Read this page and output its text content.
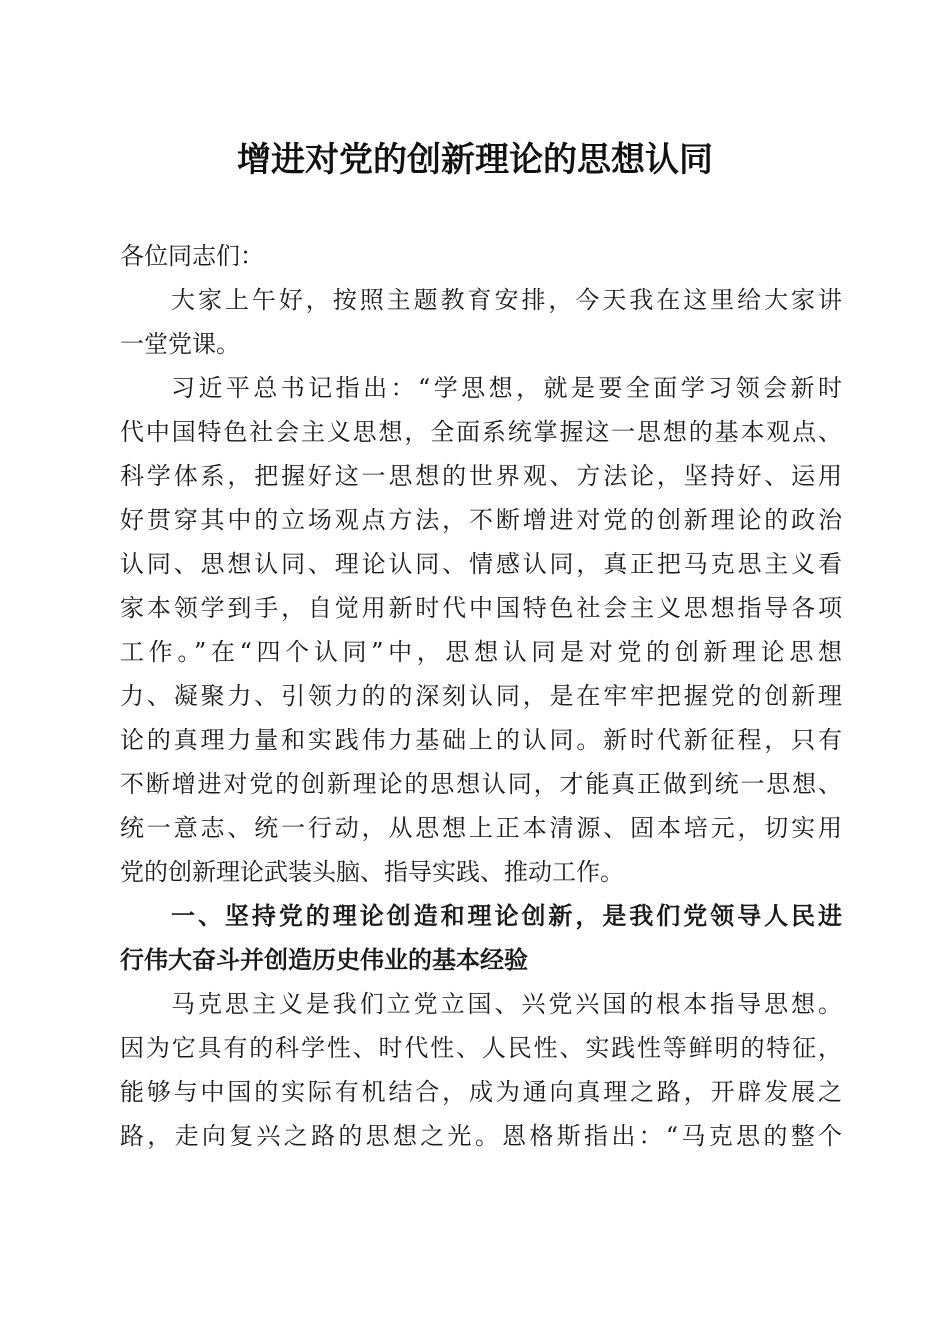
增进对党的创新理论的思想认同
各位同志们：
大家上午好，按照主题教育安排，今天我在这里给大家讲
一堂党课。
习近平总书记指出：“学思想，就是要全面学习领会新时
代中国特色社会主义思想，全面系统掌握这一思想的基本观点、
科学体系，把握好这一思想的世界观、方法论，坚持好、运用
好贯穿其中的立场观点方法，不断增进对党的创新理论的政治
认同、思想认同、理论认同、情感认同，真正把马克思主义看
家本领学到手，自觉用新时代中国特色社会主义思想指导各项
工作。”在“四个认同”中，思想认同是对党的创新理论思想
力、凝聚力、引领力的的深刻认同，是在牢牢把握党的创新理
论的真理力量和实践伟力基础上的认同。新时代新征程，只有
不断增进对党的创新理论的思想认同，才能真正做到统一思想、
统一意志、统一行动，从思想上正本清源、固本培元，切实用
党的创新理论武装头脑、指导实践、推动工作。
一、坚持党的理论创造和理论创新，是我们党领导人民进
行伟大奋斗并创造历史伟业的基本经验
马克思主义是我们立党立国、兴党兴国的根本指导思想。
因为它具有的科学性、时代性、人民性、实践性等鲜明的特征，
能够与中国的实际有机结合，成为通向真理之路，开辟发展之
路，走向复兴之路的思想之光。恩格斯指出：“马克思的整个
